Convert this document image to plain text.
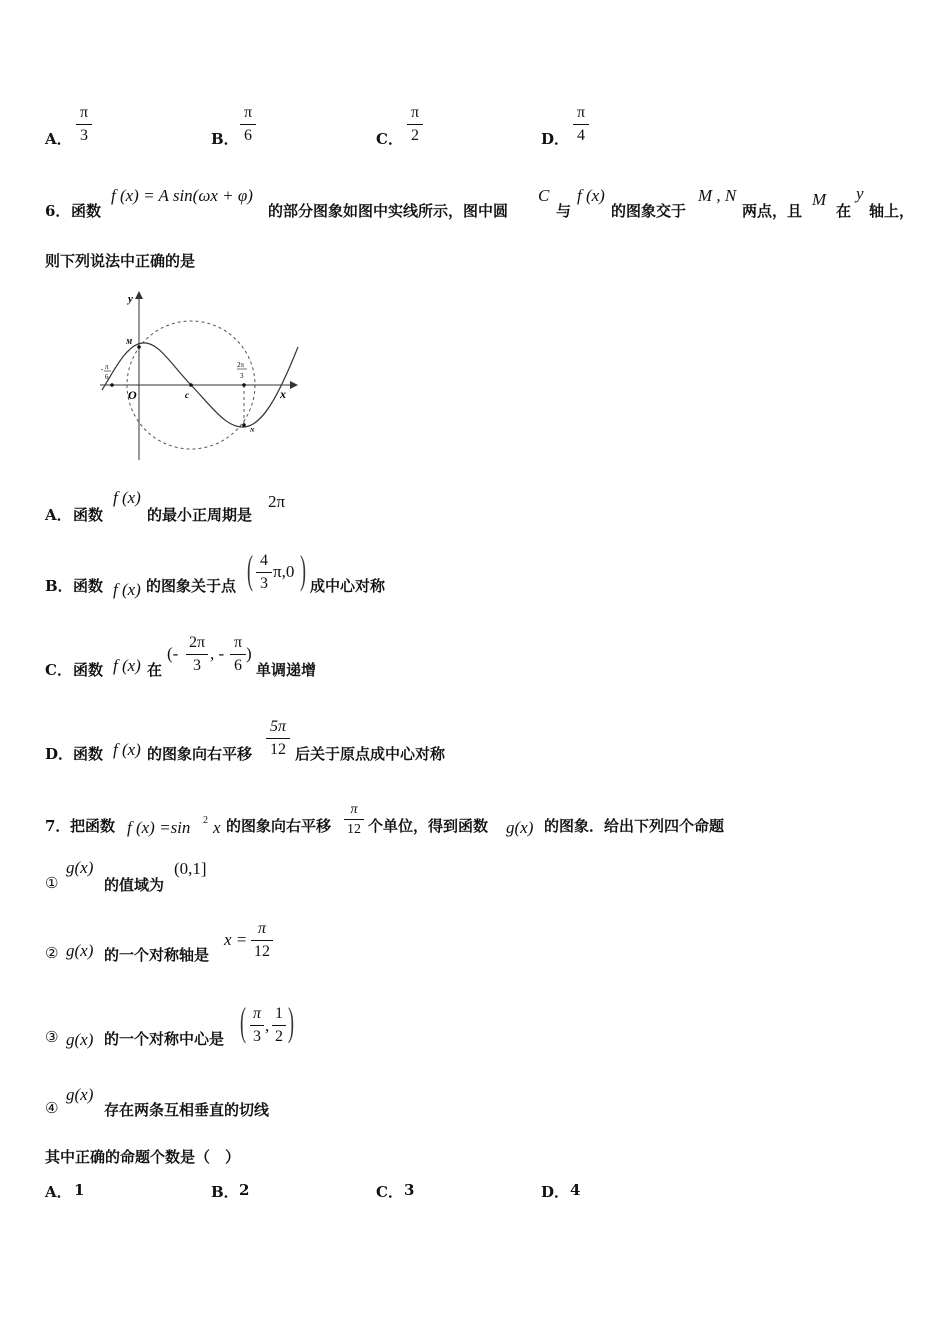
A．
π
3	B．
π
6	C．
π
2	D．
π
4
6． 函数
f (x) = A sin(ωx + φ)
的部分图象如图中实线所示，图中圆
C
与
f (x)
的图象交于
M , N
两点，且
M
在
y
轴上，
则下列说法中正确的是
y
x
O	c
M
N
- π
6
2π
3
A． 函数
f (x)
的最小正周期是
2π
B． 函数 f (x) 的图象关于点 ( 4
3
π,0 ) 成中心对称
C． 函数 f (x) 在
(-
2π
3
, -
π
6
)
单调递增
D． 函数 f (x) 的图象向右平移
5π
12 后关于原点成中心对称
7． 把函数 f (x) =sin 2 x 的图象向右平移
π
12 个单位，得到函数 g(x) 的图象．给出下列四个命题
①
g(x)
的值域为
(0,1]
② g(x) 的一个对称轴是
x =
π
12
③ g(x) 的一个对称中心是 ( π
3
,
1
2 )
④
g(x)
存在两条互相垂直的切线
其中正确的命题个数是（　）
A． 1	B． 2	C． 3	D． 4
